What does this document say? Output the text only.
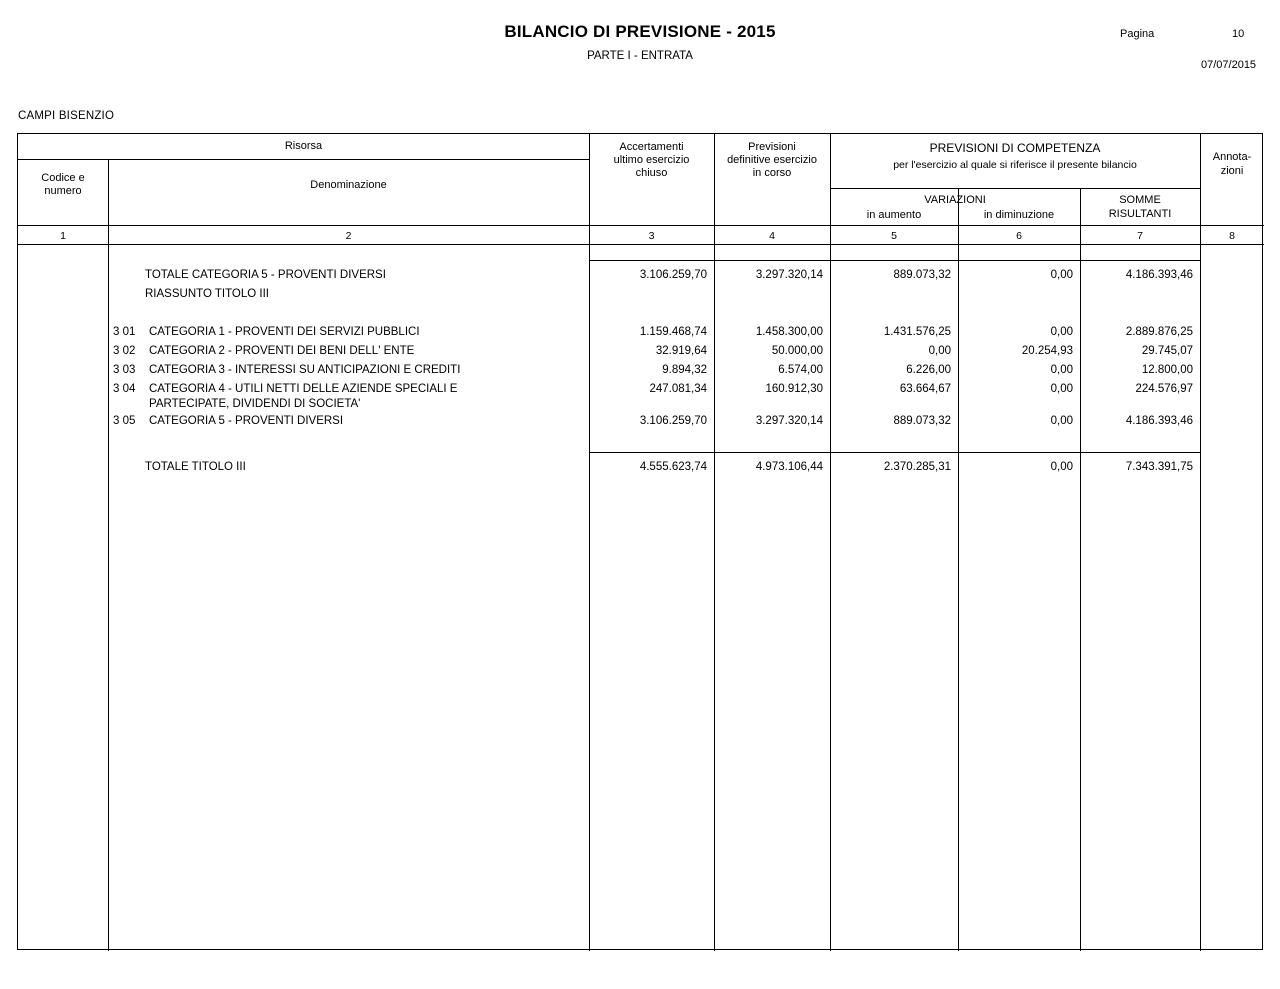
BILANCIO DI PREVISIONE - 2015
PARTE I - ENTRATA
Pagina	10
07/07/2015
CAMPI BISENZIO
Risorsa
Codice e
numero	Denominazione
Accertamenti
ultimo esercizio
chiuso
Previsioni
definitive esercizio
in corso
PREVISIONI DI COMPETENZA
per l'esercizio al quale si riferisce il presente bilancio
VARIAZIONI
in aumento	in diminuzione
SOMME
RISULTANTI
Annota-
zioni
1	2	3	4	5	6	7	8
TOTALE CATEGORIA 5 - PROVENTI DIVERSI	3.106.259,70	3.297.320,14	889.073,32	0,00	4.186.393,46
RIASSUNTO TITOLO III
3 01 CATEGORIA 1 - PROVENTI DEI SERVIZI PUBBLICI	1.159.468,74	1.458.300,00	1.431.576,25	0,00	2.889.876,25
3 02 CATEGORIA 2 - PROVENTI DEI BENI DELL' ENTE	32.919,64	50.000,00	0,00	20.254,93	29.745,07
3 03 CATEGORIA 3 - INTERESSI SU ANTICIPAZIONI E CREDITI	9.894,32	6.574,00	6.226,00	0,00	12.800,00
3 04 CATEGORIA 4 - UTILI NETTI DELLE AZIENDE SPECIALI E
PARTECIPATE, DIVIDENDI DI SOCIETA'
247.081,34	160.912,30	63.664,67	0,00	224.576,97
3 05 CATEGORIA 5 - PROVENTI DIVERSI	3.106.259,70	3.297.320,14	889.073,32	0,00	4.186.393,46
TOTALE TITOLO III	4.555.623,74	4.973.106,44	2.370.285,31	0,00	7.343.391,75
